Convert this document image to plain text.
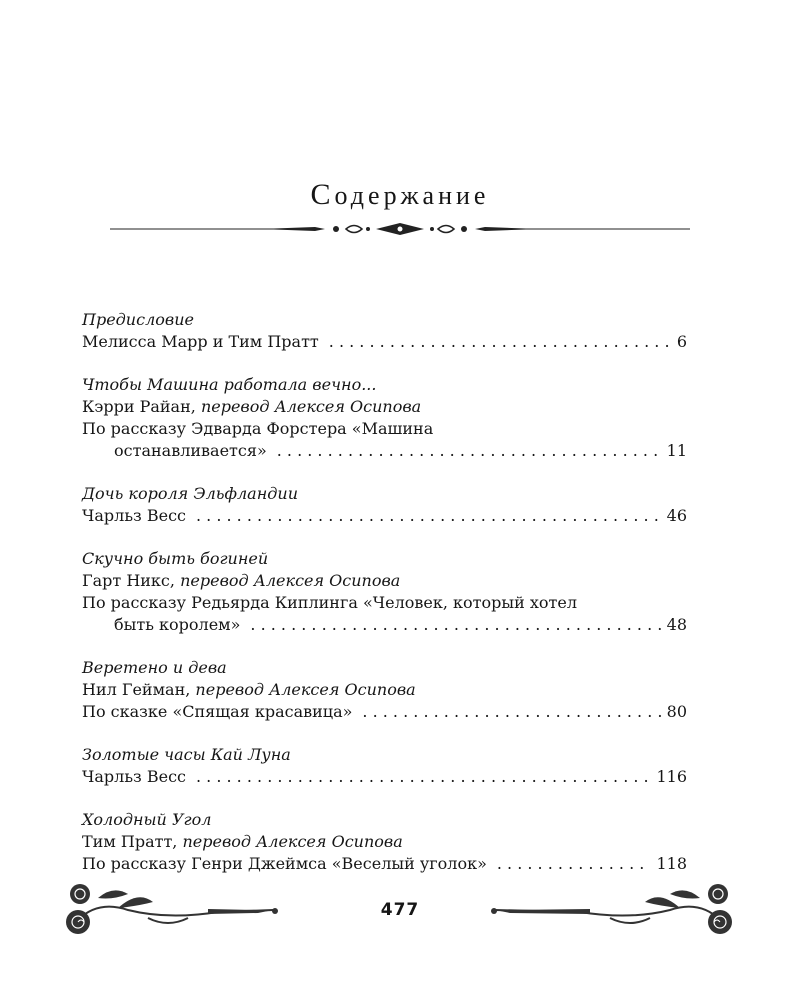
Содержание
Предисловие
Мелисса Марр и Тим Пратт . . .	6
Чтобы Машина работала вечно...
Кэрри Райан, перевод Алексея Осипова
По рассказу Эдварда Форстера «Машина
останавливается» . . .	11
Дочь короля Эльфландии
Чарльз Весс . . .	46
Скучно быть богиней
Гарт Никс, перевод Алексея Осипова
По рассказу Редьярда Киплинга «Человек, который хотел
быть королем» . . .	48
Веретено и дева
Нил Гейман, перевод Алексея Осипова
По сказке «Спящая красавица» . . .	80
Золотые часы Кай Луна
Чарльз Весс . . .	116
Холодный Угол
Тим Пратт, перевод Алексея Осипова
По рассказу Генри Джеймса «Веселый уголок» . . .	118
477
